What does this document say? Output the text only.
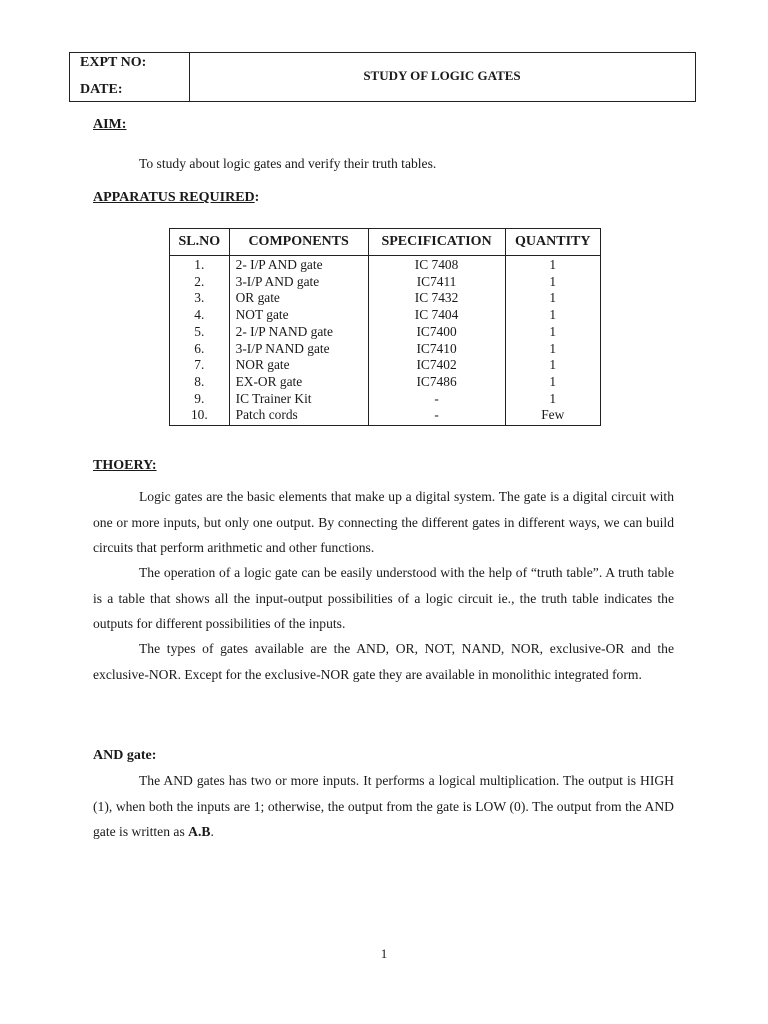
EXPT NO:
DATE:
STUDY OF LOGIC GATES
AIM:

To study about logic gates and verify their truth tables.

APPARATUS REQUIRED:
SL.NO	COMPONENTS	SPECIFICATION	QUANTITY
1.	2- I/P AND gate	IC 7408	1
2.	3-I/P AND gate	IC7411	1
3.	OR gate	IC 7432	1
4.	NOT gate	IC 7404	1
5.	2- I/P NAND gate	IC7400	1
6.	3-I/P NAND gate	IC7410	1
7.	NOR gate	IC7402	1
8.	EX-OR gate	IC7486	1
9.	IC Trainer Kit	-	1
10.	Patch cords	-	Few
THOERY:

Logic gates are the basic elements that make up a digital system. The gate is a digital circuit with one or more inputs, but only one output. By connecting the different gates in different ways, we can build circuits that perform arithmetic and other functions.

The operation of a logic gate can be easily understood with the help of “truth table”. A truth table is a table that shows all the input-output possibilities of a logic circuit ie., the truth table indicates the outputs for different possibilities of the inputs.

The types of gates available are the AND, OR, NOT, NAND, NOR, exclusive-OR and the exclusive-NOR. Except for the exclusive-NOR gate they are available in monolithic integrated form.

AND gate:

The AND gates has two or more inputs. It performs a logical multiplication. The output is HIGH (1), when both the inputs are 1; otherwise, the output from the gate is LOW (0). The output from the AND gate is written as A.B.

1
